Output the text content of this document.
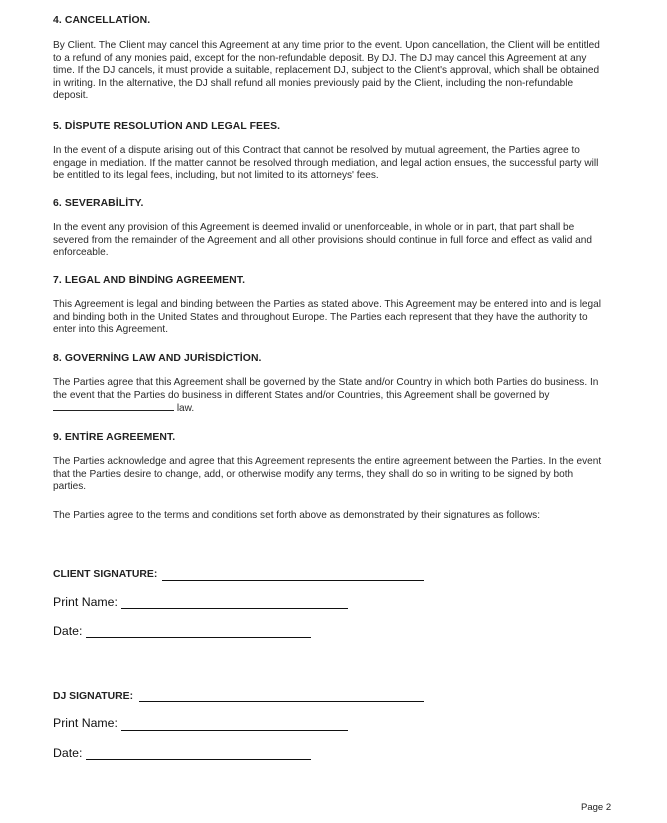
4. CANCELLATİON.

By Client. The Client may cancel this Agreement at any time prior to the event. Upon cancellation, the Client will be entitled to a refund of any monies paid, except for the non-refundable deposit. By DJ. The DJ may cancel this Agreement at any time. If the DJ cancels, it must provide a suitable, replacement DJ, subject to the Client's approval, which shall be obtained in writing. In the alternative, the DJ shall refund all monies previously paid by the Client, including the non-refundable deposit.

5. DİSPUTE RESOLUTİON AND LEGAL FEES.

In the event of a dispute arising out of this Contract that cannot be resolved by mutual agreement, the Parties agree to engage in mediation. If the matter cannot be resolved through mediation, and legal action ensues, the successful party will be entitled to its legal fees, including, but not limited to its attorneys' fees.

6. SEVERABİLİTY.

In the event any provision of this Agreement is deemed invalid or unenforceable, in whole or in part, that part shall be severed from the remainder of the Agreement and all other provisions should continue in full force and effect as valid and enforceable.

7. LEGAL AND BİNDİNG AGREEMENT.

This Agreement is legal and binding between the Parties as stated above. This Agreement may be entered into and is legal and binding both in the United States and throughout Europe. The Parties each represent that they have the authority to enter into this Agreement.

8. GOVERNİNG LAW AND JURİSDİCTİON.

The Parties agree that this Agreement shall be governed by the State and/or Country in which both Parties do business. In the event that the Parties do business in different States and/or Countries, this Agreement shall be governed by  law.

9. ENTİRE AGREEMENT.

The Parties acknowledge and agree that this Agreement represents the entire agreement between the Parties. In the event that the Parties desire to change, add, or otherwise modify any terms, they shall do so in writing to be signed by both parties.

The Parties agree to the terms and conditions set forth above as demonstrated by their signatures as follows:

CLIENT SIGNATURE:
Print Name:
Date:
DJ SIGNATURE:
Print Name:
Date:
Page 2
